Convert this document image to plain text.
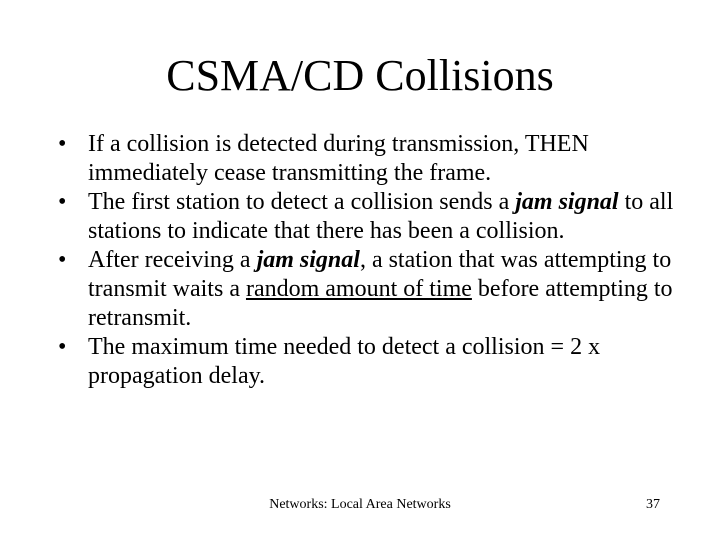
CSMA/CD Collisions
• If a collision is detected during transmission, THEN immediately cease transmitting the frame.
• The first station to detect a collision sends a jam signal to all stations to indicate that there has been a collision.
• After receiving a jam signal, a station that was attempting to transmit waits a random amount of time before attempting to retransmit.
• The maximum time needed to detect a collision = 2 x propagation delay.
Networks: Local Area Networks	37
